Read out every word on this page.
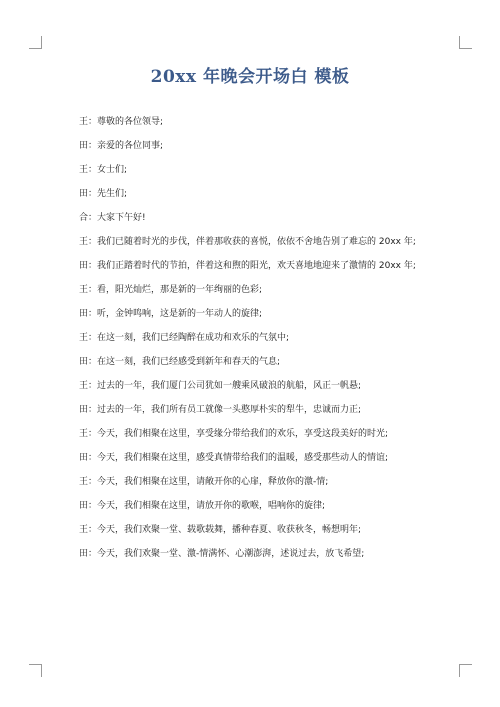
20xx 年晚会开场白 模板
王：尊敬的各位领导;
田：亲爱的各位同事;
王：女士们;
田：先生们;
合：大家下午好!
王：我们已随着时光的步伐，伴着那收获的喜悦，依依不舍地告别了难忘的 20xx 年;
田：我们正踏着时代的节拍，伴着这和煦的阳光，欢天喜地地迎来了激情的 20xx 年;
王：看，阳光灿烂，那是新的一年绚丽的色彩;
田：听，金钟鸣响，这是新的一年动人的旋律;
王：在这一刻，我们已经陶醉在成功和欢乐的气氛中;
田：在这一刻，我们已经感受到新年和春天的气息;
王：过去的一年，我们厦门公司犹如一艘乘风破浪的航船，风正一帆悬;
田：过去的一年，我们所有员工就像一头憨厚朴实的犁牛，忠诚而力正;
王：今天，我们相聚在这里，享受缘分带给我们的欢乐，享受这段美好的时光;
田：今天，我们相聚在这里，感受真情带给我们的温暖，感受那些动人的情谊;
王：今天，我们相聚在这里，请敞开你的心扉，释放你的激-情;
田：今天，我们相聚在这里，请放开你的歌喉，唱响你的旋律;
王：今天，我们欢聚一堂、载歌载舞，播种春夏、收获秋冬，畅想明年;
田：今天，我们欢聚一堂、激-情满怀、心潮澎湃，述说过去，放飞希望;
